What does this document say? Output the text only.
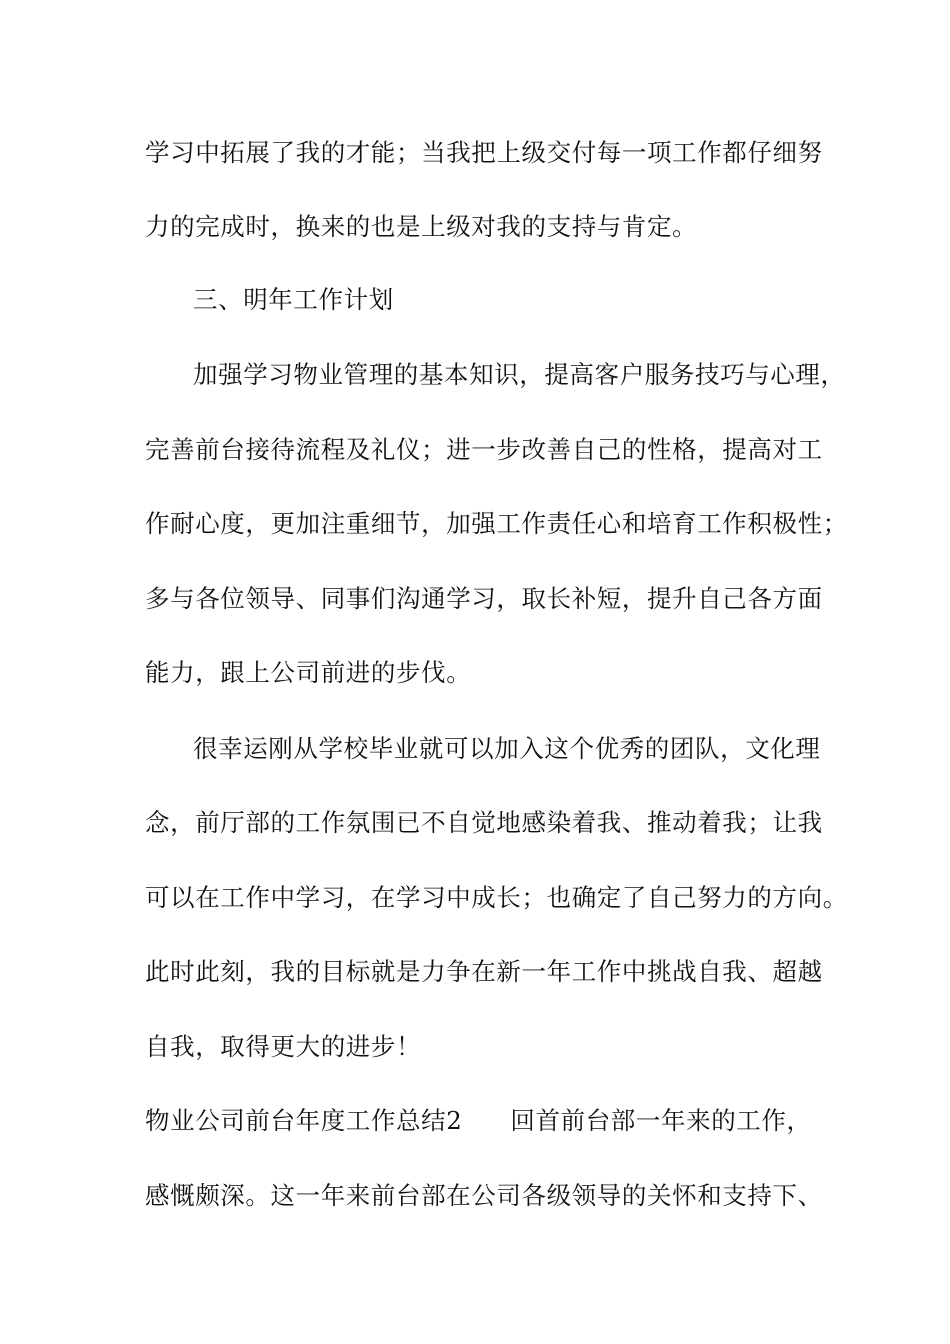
学习中拓展了我的才能；当我把上级交付每一项工作都仔细努
力的完成时，换来的也是上级对我的支持与肯定。
三、明年工作计划
加强学习物业管理的基本知识，提高客户服务技巧与心理，
完善前台接待流程及礼仪；进一步改善自己的性格，提高对工
作耐心度，更加注重细节，加强工作责任心和培育工作积极性；
多与各位领导、同事们沟通学习，取长补短，提升自己各方面
能力，跟上公司前进的步伐。
很幸运刚从学校毕业就可以加入这个优秀的团队，文化理
念，前厅部的工作氛围已不自觉地感染着我、推动着我；让我
可以在工作中学习，在学习中成长；也确定了自己努力的方向。
此时此刻，我的目标就是力争在新一年工作中挑战自我、超越
自我，取得更大的进步！
物业公司前台年度工作总结2 回首前台部一年来的工作，
感慨颇深。这一年来前台部在公司各级领导的关怀和支持下、
